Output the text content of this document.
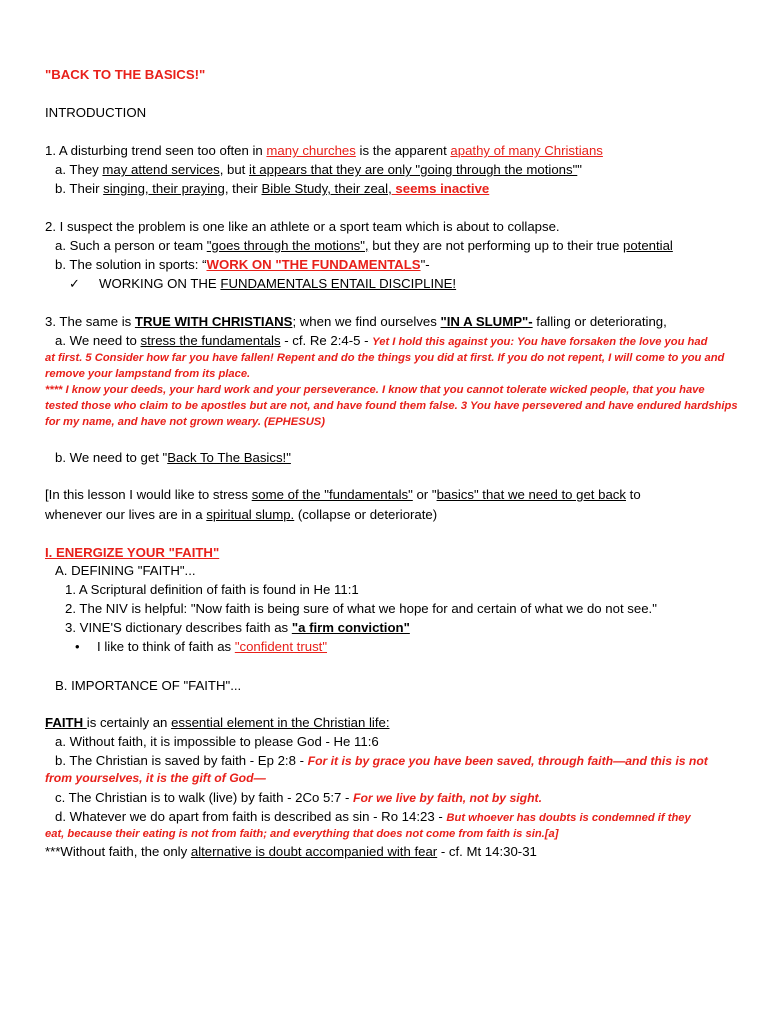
"BACK TO THE BASICS!"
INTRODUCTION
1. A disturbing trend seen too often in many churches is the apparent apathy of many Christians
a. They may attend services, but it appears that they are only "going through the motions""
b. Their singing, their praying, their Bible Study, their zeal, seems inactive
2. I suspect the problem is one like an athlete or a sport team which is about to collapse.
a. Such a person or team "goes through the motions", but they are not performing up to their true potential
b. The solution in sports: “WORK ON "THE FUNDAMENTALS"-
✓ WORKING ON THE FUNDAMENTALS ENTAIL DISCIPLINE!
3. The same is TRUE WITH CHRISTIANS; when we find ourselves "IN A SLUMP"- falling or deteriorating,
a. We need to stress the fundamentals - cf. Re 2:4-5 - Yet I hold this against you: You have forsaken the love you had
at first. 5 Consider how far you have fallen! Repent and do the things you did at first. If you do not repent, I will come to you and
remove your lampstand from its place.
**** I know your deeds, your hard work and your perseverance. I know that you cannot tolerate wicked people, that you have
tested those who claim to be apostles but are not, and have found them false. 3 You have persevered and have endured hardships
for my name, and have not grown weary. (EPHESUS)
b. We need to get "Back To The Basics!"
[In this lesson I would like to stress some of the "fundamentals" or "basics" that we need to get back to
whenever our lives are in a spiritual slump. (collapse or deteriorate)
I. ENERGIZE YOUR "FAITH"
A. DEFINING "FAITH"...
1. A Scriptural definition of faith is found in He 11:1
2. The NIV is helpful: "Now faith is being sure of what we hope for and certain of what we do not see."
3. VINE'S dictionary describes faith as "a firm conviction"
• I like to think of faith as "confident trust"
B. IMPORTANCE OF "FAITH"...
FAITH is certainly an essential element in the Christian life:
a. Without faith, it is impossible to please God - He 11:6
b. The Christian is saved by faith - Ep 2:8 - For it is by grace you have been saved, through faith—and this is not
from yourselves, it is the gift of God—
c. The Christian is to walk (live) by faith - 2Co 5:7 - For we live by faith, not by sight.
d. Whatever we do apart from faith is described as sin - Ro 14:23 - But whoever has doubts is condemned if they
eat, because their eating is not from faith; and everything that does not come from faith is sin.[a]
***Without faith, the only alternative is doubt accompanied with fear - cf. Mt 14:30-31
